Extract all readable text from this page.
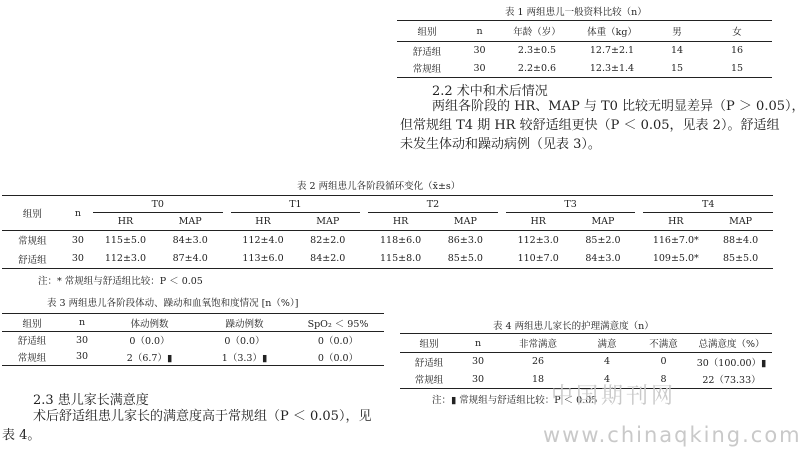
表 1 两组患儿一般资料比较（n）
组别	n	年龄（岁）	体重（kg）	男	女
舒适组	30	2.3±0.5	12.7±2.1	14	16
常规组	30	2.2±0.6	12.3±1.4	15	15
2.2 术中和术后情况
两组各阶段的 HR、MAP 与 T0 比较无明显差异（P ＞ 0.05），
但常规组 T4 期 HR 较舒适组更快（P ＜ 0.05，见表 2）。舒适组
未发生体动和躁动病例（见表 3）。
表 2 两组患儿各阶段循环变化（x̄±s）
组别	n	T0			T1			T2			T3			T4	
		HR	MAP		HR	MAP		HR	MAP		HR	MAP		HR	MAP
常规组	30	115±5.0	84±3.0		112±4.0	82±2.0		118±6.0	86±3.0		112±3.0	85±2.0		116±7.0*	88±4.0
舒适组	30	112±3.0	87±4.0		113±6.0	84±2.0		115±8.0	85±5.0		110±7.0	84±3.0		109±5.0*	85±5.0
注：* 常规组与舒适组比较：P ＜ 0.05
表 3 两组患儿各阶段体动、躁动和血氧饱和度情况 [n（%）]
组别	n	体动例数	躁动例数	SpO₂ ＜ 95%
舒适组	30	0（0.0）	0（0.0）	0（0.0）
常规组	30	2（6.7）▮	1（3.3）▮	0（0.0）
2.3 患儿家长满意度
术后舒适组患儿家长的满意度高于常规组（P ＜ 0.05），见
表 4。
表 4 两组患儿家长的护理满意度（n）
组别	n	非常满意	满意	不满意	总满意度（%）
舒适组	30	26	4	0	30（100.00）▮
常规组	30	18	4	8	22（73.33）
注：▮ 常规组与舒适组比较：P ＜ 0.05
中国期刊网
www.chinaqking.com
